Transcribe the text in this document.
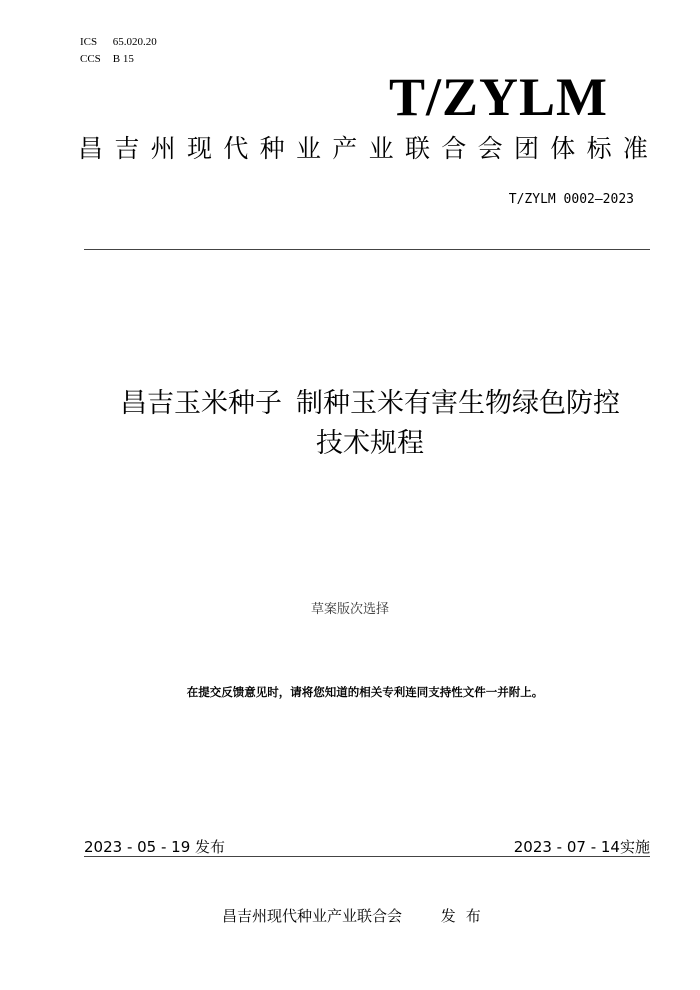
ICS 65.020.20
CCS B 15
T/ZYLM
昌 吉 州 现 代 种 业 产 业 联 合 会 团 体 标 准
T/ZYLM 0002—2023
昌吉玉米种子 制种玉米有害生物绿色防控
技术规程
草案版次选择
在提交反馈意见时，请将您知道的相关专利连同支持性文件一并附上。
2023 - 05 - 19 发布	2023 - 07 - 14实施
昌吉州现代种业产业联合会	发布
